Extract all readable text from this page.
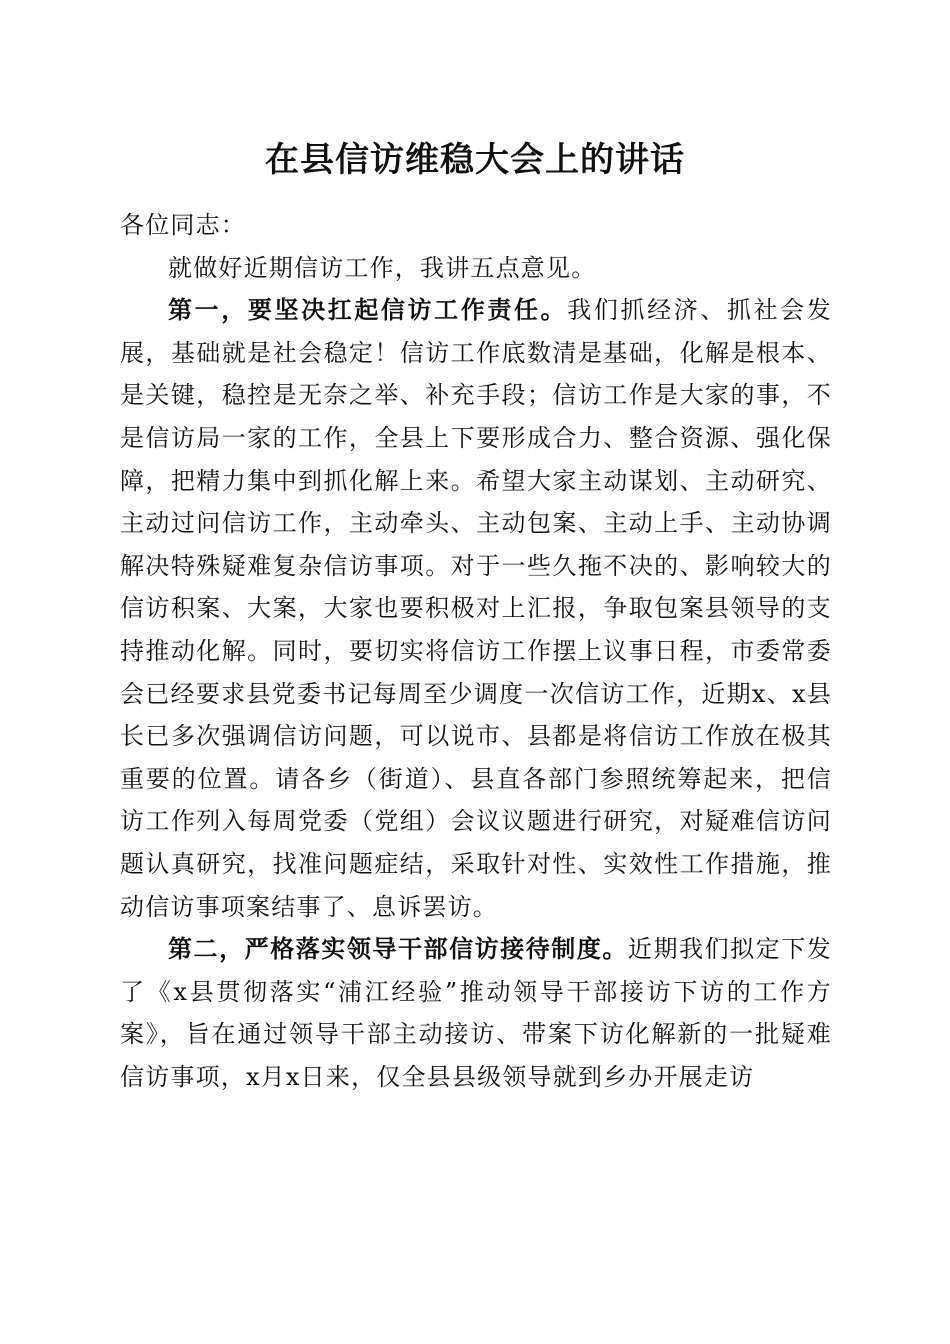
在县信访维稳大会上的讲话

各位同志：

就做好近期信访工作，我讲五点意见。

第一，要坚决扛起信访工作责任。我们抓经济、抓社会发展，基础就是社会稳定！信访工作底数清是基础，化解是根本、是关键，稳控是无奈之举、补充手段；信访工作是大家的事，不是信访局一家的工作，全县上下要形成合力、整合资源、强化保障，把精力集中到抓化解上来。希望大家主动谋划、主动研究、主动过问信访工作，主动牵头、主动包案、主动上手、主动协调解决特殊疑难复杂信访事项。对于一些久拖不决的、影响较大的信访积案、大案，大家也要积极对上汇报，争取包案县领导的支持推动化解。同时，要切实将信访工作摆上议事日程，市委常委会已经要求县党委书记每周至少调度一次信访工作，近期x、x县长已多次强调信访问题，可以说市、县都是将信访工作放在极其重要的位置。请各乡（街道）、县直各部门参照统筹起来，把信访工作列入每周党委（党组）会议议题进行研究，对疑难信访问题认真研究，找准问题症结，采取针对性、实效性工作措施，推动信访事项案结事了、息诉罢访。

第二，严格落实领导干部信访接待制度。近期我们拟定下发了《x县贯彻落实“浦江经验”推动领导干部接访下访的工作方案》，旨在通过领导干部主动接访、带案下访化解新的一批疑难信访事项，x月x日来，仅全县县级领导就到乡办开展走访
